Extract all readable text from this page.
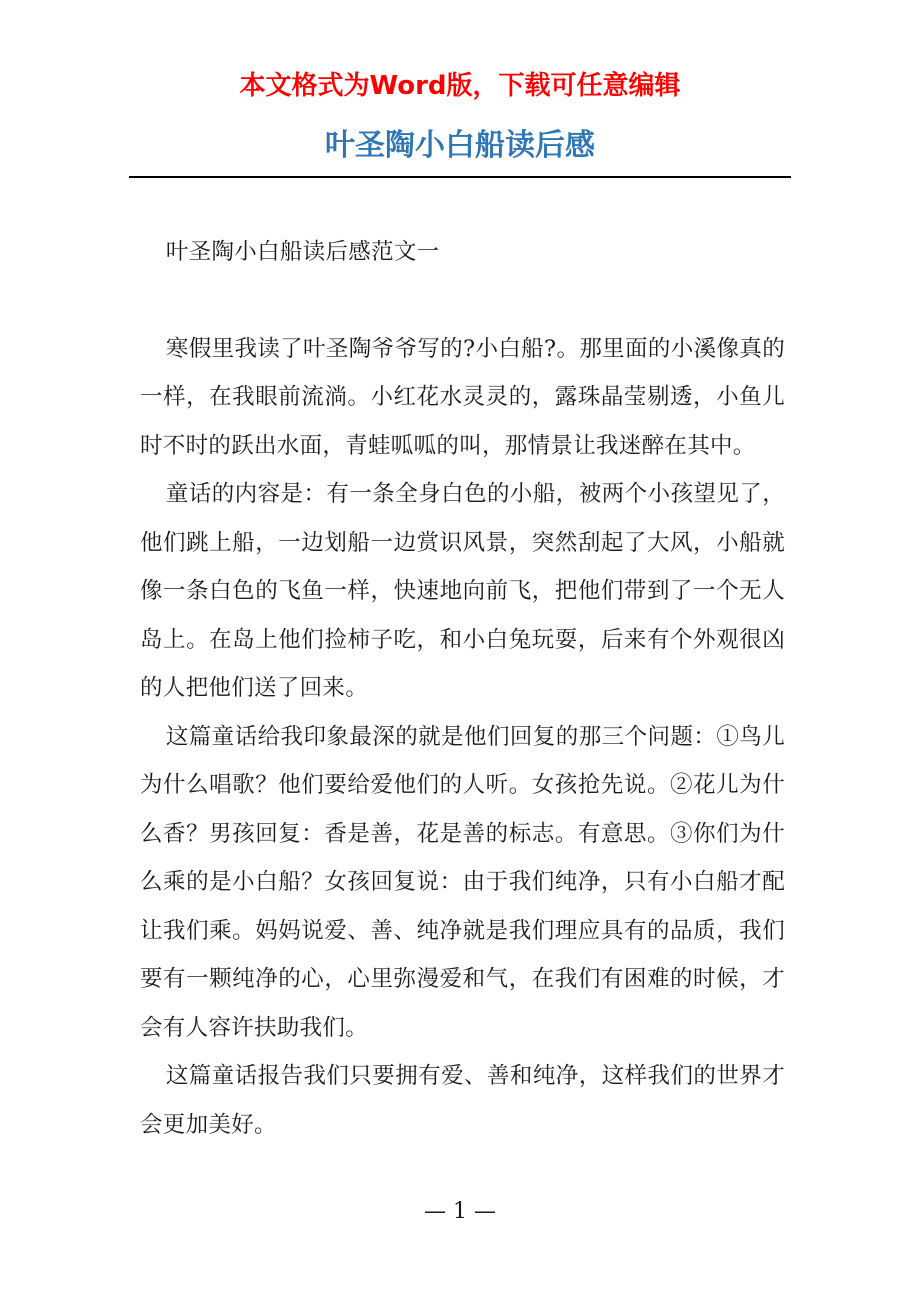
本文格式为Word版，下载可任意编辑
叶圣陶小白船读后感

叶圣陶小白船读后感范文一

寒假里我读了叶圣陶爷爷写的?小白船?。那里面的小溪像真的一样，在我眼前流淌。小红花水灵灵的，露珠晶莹剔透，小鱼儿时不时的跃出水面，青蛙呱呱的叫，那情景让我迷醉在其中。

童话的内容是：有一条全身白色的小船，被两个小孩望见了，他们跳上船，一边划船一边赏识风景，突然刮起了大风，小船就像一条白色的飞鱼一样，快速地向前飞，把他们带到了一个无人岛上。在岛上他们捡柿子吃，和小白兔玩耍，后来有个外观很凶的人把他们送了回来。

这篇童话给我印象最深的就是他们回复的那三个问题：①鸟儿为什么唱歌？他们要给爱他们的人听。女孩抢先说。②花儿为什么香？男孩回复：香是善，花是善的标志。有意思。③你们为什么乘的是小白船？女孩回复说：由于我们纯净，只有小白船才配让我们乘。妈妈说爱、善、纯净就是我们理应具有的品质，我们要有一颗纯净的心，心里弥漫爱和气，在我们有困难的时候，才会有人容许扶助我们。

这篇童话报告我们只要拥有爱、善和纯净，这样我们的世界才会更加美好。

— 1 —
